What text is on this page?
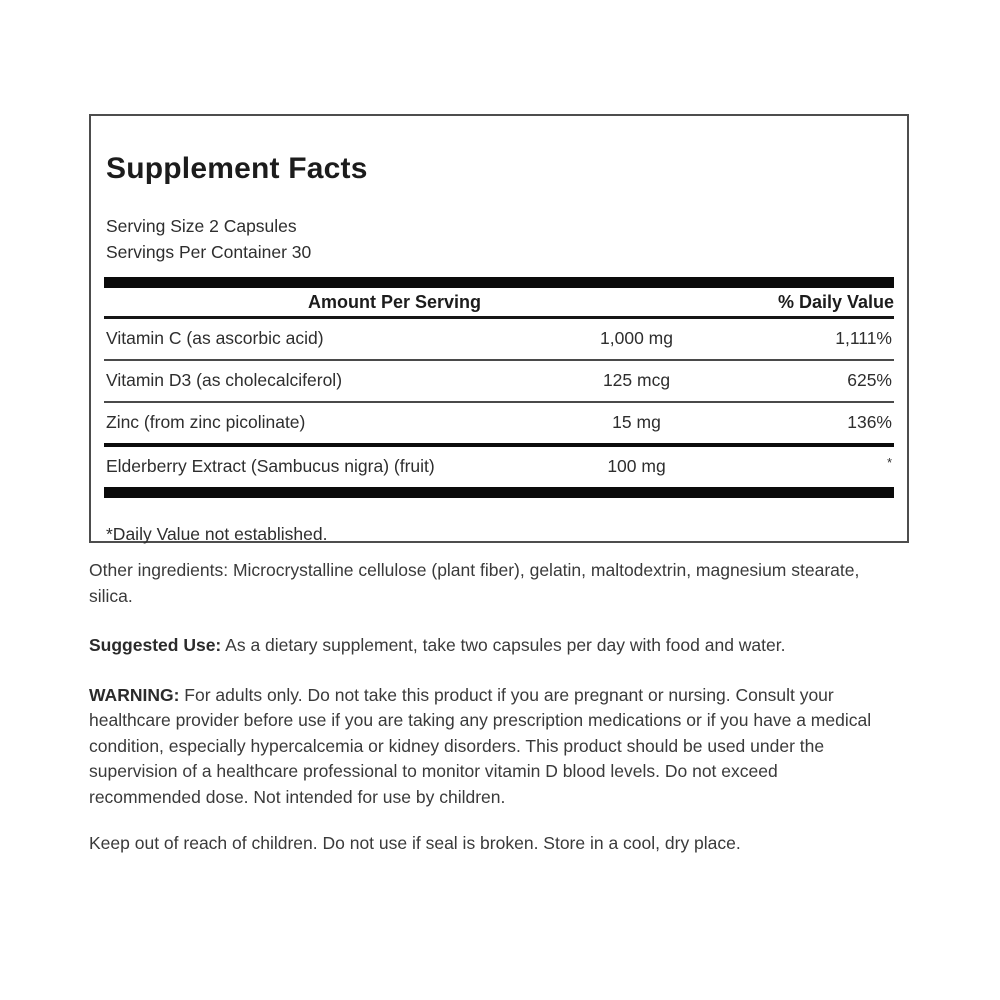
Supplement Facts
Serving Size 2 Capsules
Servings Per Container 30
Amount Per Serving	% Daily Value
Vitamin C (as ascorbic acid)	1,000 mg	1,111%
Vitamin D3 (as cholecalciferol)	125 mcg	625%
Zinc (from zinc picolinate)	15 mg	136%
Elderberry Extract (Sambucus nigra) (fruit)	100 mg	*
*Daily Value not established.

Other ingredients: Microcrystalline cellulose (plant fiber), gelatin, maltodextrin, magnesium stearate, silica.

Suggested Use: As a dietary supplement, take two capsules per day with food and water.

WARNING: For adults only. Do not take this product if you are pregnant or nursing. Consult your healthcare provider before use if you are taking any prescription medications or if you have a medical condition, especially hypercalcemia or kidney disorders. This product should be used under the supervision of a healthcare professional to monitor vitamin D blood levels. Do not exceed recommended dose. Not intended for use by children.

Keep out of reach of children. Do not use if seal is broken. Store in a cool, dry place.
